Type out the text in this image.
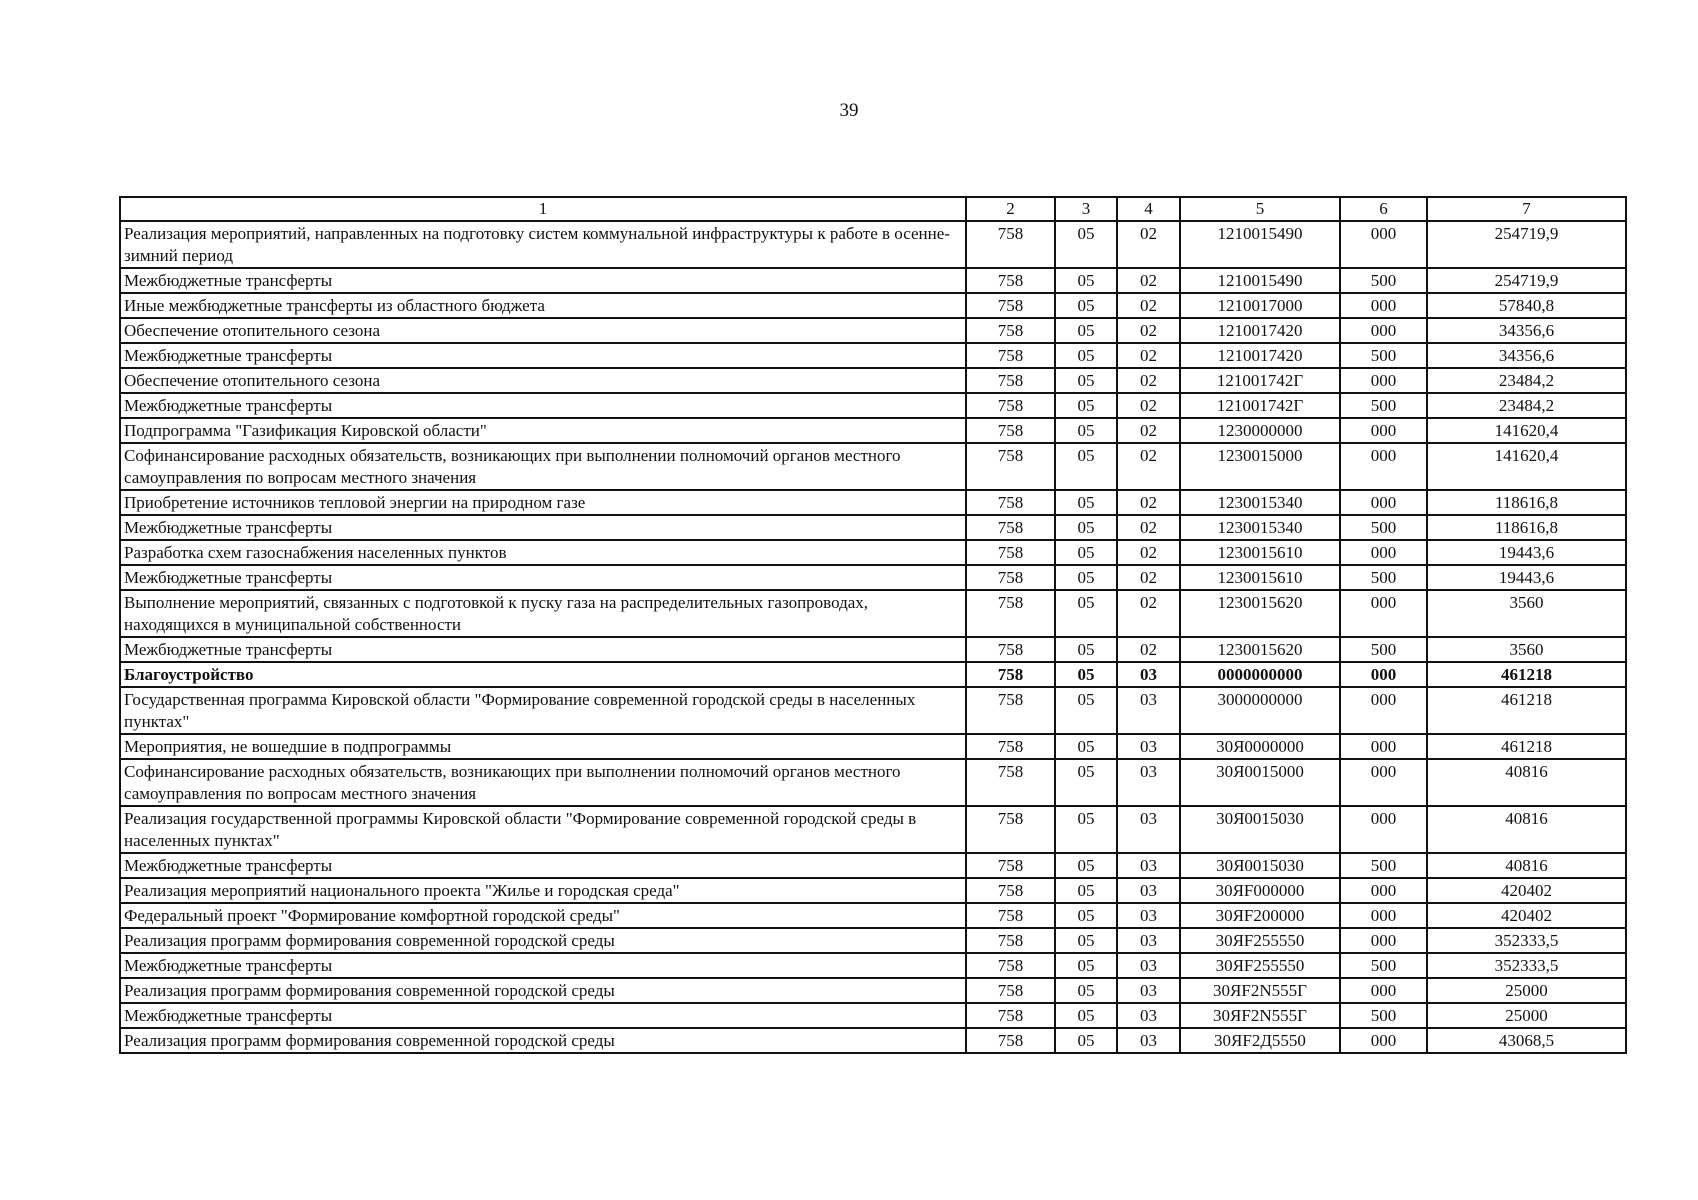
39
1	2	3	4	5	6	7
Реализация мероприятий, направленных на подготовку систем коммунальной инфраструктуры к работе в осенне-зимний период	758	05	02	1210015490	000	254719,9
Межбюджетные трансферты	758	05	02	1210015490	500	254719,9
Иные межбюджетные трансферты из областного бюджета	758	05	02	1210017000	000	57840,8
Обеспечение отопительного сезона	758	05	02	1210017420	000	34356,6
Межбюджетные трансферты	758	05	02	1210017420	500	34356,6
Обеспечение отопительного сезона	758	05	02	121001742Г	000	23484,2
Межбюджетные трансферты	758	05	02	121001742Г	500	23484,2
Подпрограмма "Газификация Кировской области"	758	05	02	1230000000	000	141620,4
Софинансирование расходных обязательств, возникающих при выполнении полномочий органов местного самоуправления по вопросам местного значения	758	05	02	1230015000	000	141620,4
Приобретение источников тепловой энергии на природном газе	758	05	02	1230015340	000	118616,8
Межбюджетные трансферты	758	05	02	1230015340	500	118616,8
Разработка схем газоснабжения населенных пунктов	758	05	02	1230015610	000	19443,6
Межбюджетные трансферты	758	05	02	1230015610	500	19443,6
Выполнение мероприятий, связанных с подготовкой к пуску газа на распределительных газопроводах, находящихся в муниципальной собственности	758	05	02	1230015620	000	3560
Межбюджетные трансферты	758	05	02	1230015620	500	3560
Благоустройство	758	05	03	0000000000	000	461218
Государственная программа Кировской области "Формирование современной городской среды в населенных пунктах"	758	05	03	3000000000	000	461218
Мероприятия, не вошедшие в подпрограммы	758	05	03	30Я0000000	000	461218
Софинансирование расходных обязательств, возникающих при выполнении полномочий органов местного самоуправления по вопросам местного значения	758	05	03	30Я0015000	000	40816
Реализация государственной программы Кировской области "Формирование современной городской среды в населенных пунктах"	758	05	03	30Я0015030	000	40816
Межбюджетные трансферты	758	05	03	30Я0015030	500	40816
Реализация мероприятий национального проекта "Жилье и городская среда"	758	05	03	30ЯF000000	000	420402
Федеральный проект "Формирование комфортной городской среды"	758	05	03	30ЯF200000	000	420402
Реализация программ формирования современной городской среды	758	05	03	30ЯF255550	000	352333,5
Межбюджетные трансферты	758	05	03	30ЯF255550	500	352333,5
Реализация программ формирования современной городской среды	758	05	03	30ЯF2N555Г	000	25000
Межбюджетные трансферты	758	05	03	30ЯF2N555Г	500	25000
Реализация программ формирования современной городской среды	758	05	03	30ЯF2Д5550	000	43068,5
